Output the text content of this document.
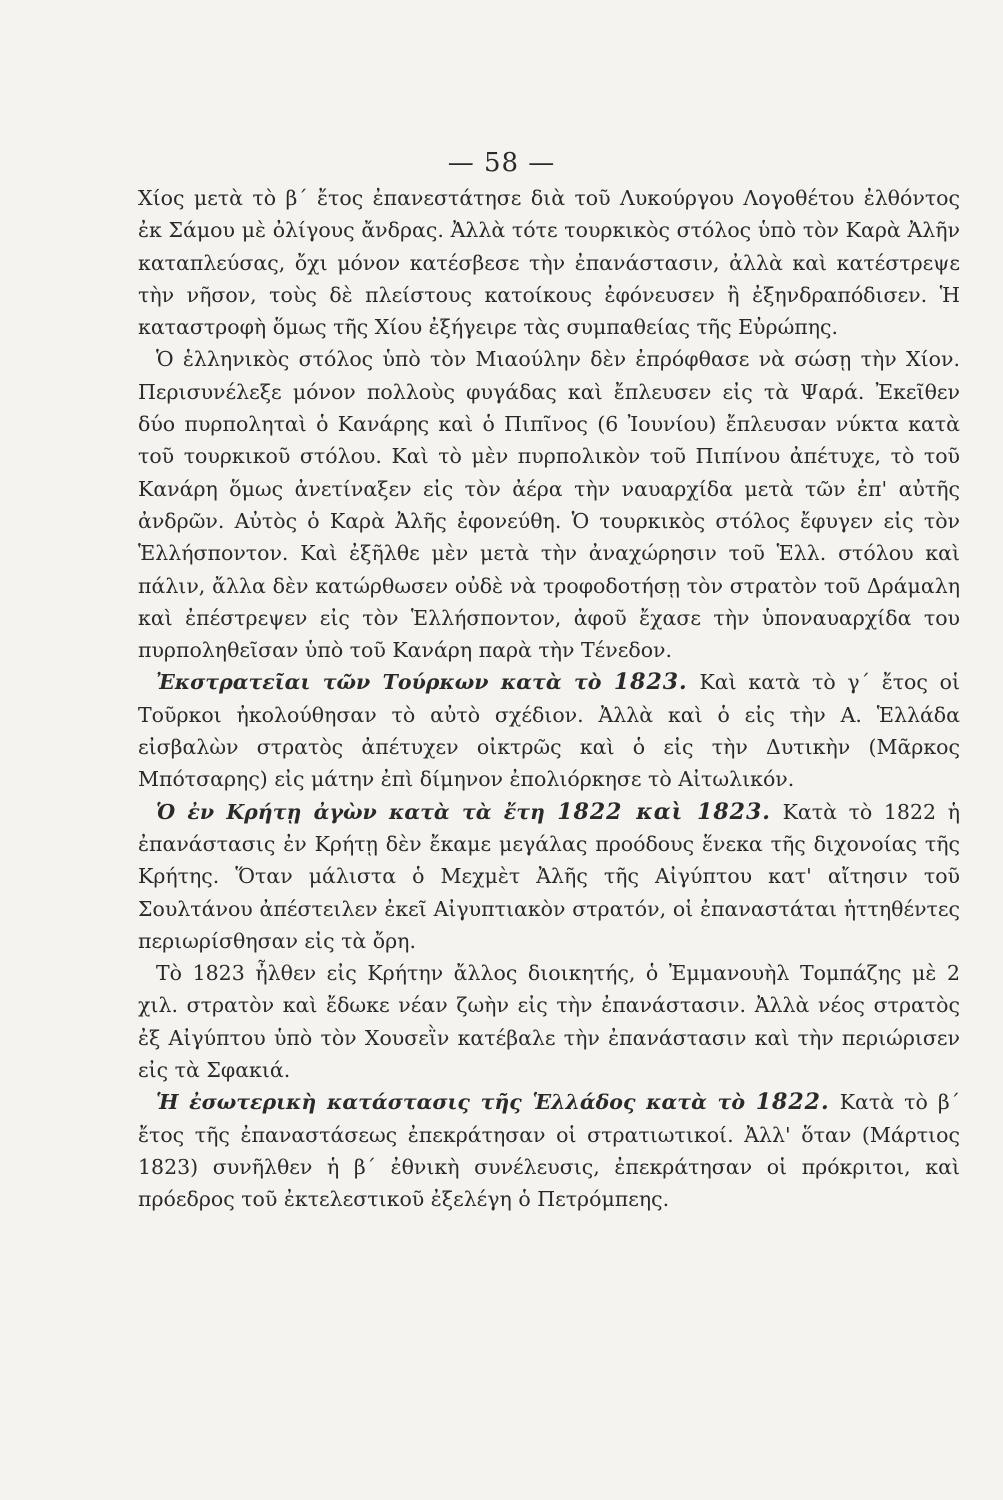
— 58 —

Χίος μετὰ τὸ β΄ ἔτος ἐπανεστάτησε διὰ τοῦ Λυκούργου Λογοθέτου ἐλθόντος ἐκ Σάμου μὲ ὀλίγους ἄνδρας. Ἀλλὰ τότε τουρκικὸς στόλος ὑπὸ τὸν Καρὰ Ἀλῆν καταπλεύσας, ὄχι μόνον κατέσβεσε τὴν ἐπανάστασιν, ἀλλὰ καὶ κατέστρεψε τὴν νῆσον, τοὺς δὲ πλείστους κατοίκους ἐφόνευσεν ἢ ἐξηνδραπόδισεν. Ἡ καταστροφὴ ὅμως τῆς Χίου ἐξήγειρε τὰς συμπαθείας τῆς Εὐρώπης.

Ὁ ἑλληνικὸς στόλος ὑπὸ τὸν Μιαούλην δὲν ἐπρόφθασε νὰ σώσῃ τὴν Χίον. Περισυνέλεξε μόνον πολλοὺς φυγάδας καὶ ἔπλευσεν εἰς τὰ Ψαρά. Ἐκεῖθεν δύο πυρποληταὶ ὁ Κανάρης καὶ ὁ Πιπῖνος (6 Ἰουνίου) ἔπλευσαν νύκτα κατὰ τοῦ τουρκικοῦ στόλου. Καὶ τὸ μὲν πυρπολικὸν τοῦ Πιπίνου ἀπέτυχε, τὸ τοῦ Κανάρη ὅμως ἀνετίναξεν εἰς τὸν ἀέρα τὴν ναυαρχίδα μετὰ τῶν ἐπ' αὐτῆς ἀνδρῶν. Αὐτὸς ὁ Καρὰ Ἀλῆς ἐφονεύθη. Ὁ τουρκικὸς στόλος ἔφυγεν εἰς τὸν Ἑλλήσποντον. Καὶ ἐξῆλθε μὲν μετὰ τὴν ἀναχώρησιν τοῦ Ἑλλ. στόλου καὶ πάλιν, ἄλλα δὲν κατώρθωσεν οὐδὲ νὰ τροφοδοτήσῃ τὸν στρατὸν τοῦ Δράμαλη καὶ ἐπέστρεψεν εἰς τὸν Ἑλλήσποντον, ἀφοῦ ἔχασε τὴν ὑποναυαρχίδα του πυρποληθεῖσαν ὑπὸ τοῦ Κανάρη παρὰ τὴν Τένεδον.

Ἐκστρατεῖαι τῶν Τούρκων κατὰ τὸ 1823. Καὶ κατὰ τὸ γ΄ ἔτος οἱ Τοῦρκοι ἠκολούθησαν τὸ αὐτὸ σχέδιον. Ἀλλὰ καὶ ὁ εἰς τὴν Α. Ἑλλάδα εἰσβαλὼν στρατὸς ἀπέτυχεν οἰκτρῶς καὶ ὁ εἰς τὴν Δυτικὴν (Μᾶρκος Μπότσαρης) εἰς μάτην ἐπὶ δίμηνον ἐπολιόρκησε τὸ Αἰτωλικόν.

Ὁ ἐν Κρήτῃ ἀγὼν κατὰ τὰ ἔτη 1822 καὶ 1823. Κατὰ τὸ 1822 ἡ ἐπανάστασις ἐν Κρήτῃ δὲν ἔκαμε μεγάλας προόδους ἕνεκα τῆς διχονοίας τῆς Κρήτης. Ὅταν μάλιστα ὁ Μεχμὲτ Ἀλῆς τῆς Αἰγύπτου κατ' αἴτησιν τοῦ Σουλτάνου ἀπέστειλεν ἐκεῖ Αἰγυπτιακὸν στρατόν, οἱ ἐπαναστάται ἡττηθέντες περιωρίσθησαν εἰς τὰ ὄρη.

Τὸ 1823 ἦλθεν εἰς Κρήτην ἄλλος διοικητής, ὁ Ἐμμανουὴλ Τομπάζης μὲ 2 χιλ. στρατὸν καὶ ἔδωκε νέαν ζωὴν εἰς τὴν ἐπανάστασιν. Ἀλλὰ νέος στρατὸς ἐξ Αἰγύπτου ὑπὸ τὸν Χουσεῒν κατέβαλε τὴν ἐπανάστασιν καὶ τὴν περιώρισεν εἰς τὰ Σφακιά.

Ἡ ἐσωτερικὴ κατάστασις τῆς Ἑλλάδος κατὰ τὸ 1822. Κατὰ τὸ β΄ ἔτος τῆς ἐπαναστάσεως ἐπεκράτησαν οἱ στρατιωτικοί. Ἀλλ' ὅταν (Μάρτιος 1823) συνῆλθεν ἡ β΄ ἐθνικὴ συνέλευσις, ἐπεκράτησαν οἱ πρόκριτοι, καὶ πρόεδρος τοῦ ἐκτελεστικοῦ ἐξελέγη ὁ Πετρόμπεης.
